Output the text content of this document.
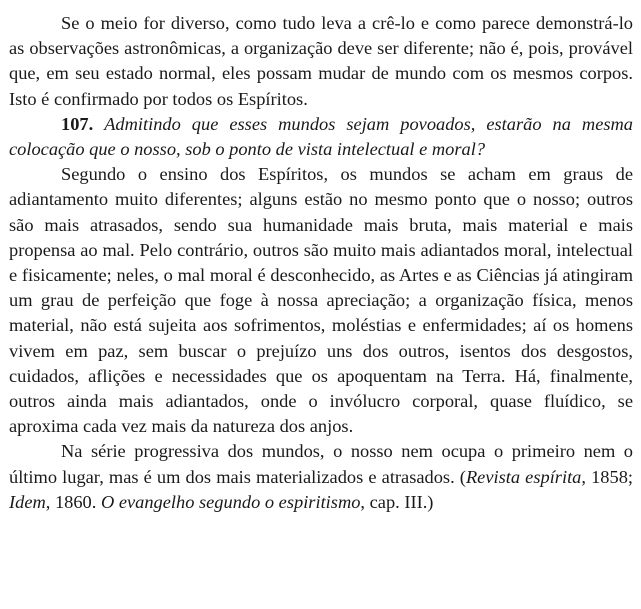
Se o meio for diverso, como tudo leva a crê-lo e como parece demonstrá-lo as observações astronômicas, a organização deve ser diferente; não é, pois, provável que, em seu estado normal, eles possam mudar de mundo com os mesmos corpos. Isto é confirmado por todos os Espíritos.

107. Admitindo que esses mundos sejam povoados, estarão na mesma colocação que o nosso, sob o ponto de vista intelectual e moral?

Segundo o ensino dos Espíritos, os mundos se acham em graus de adiantamento muito diferentes; alguns estão no mesmo ponto que o nosso; outros são mais atrasados, sendo sua humanidade mais bruta, mais material e mais propensa ao mal. Pelo contrário, outros são muito mais adiantados moral, intelectual e fisicamente; neles, o mal moral é desconhecido, as Artes e as Ciências já atingiram um grau de perfeição que foge à nossa apreciação; a organização física, menos material, não está sujeita aos sofrimentos, moléstias e enfermidades; aí os homens vivem em paz, sem buscar o prejuízo uns dos outros, isentos dos desgostos, cuidados, aflições e necessidades que os apoquentam na Terra. Há, finalmente, outros ainda mais adiantados, onde o invólucro corporal, quase fluídico, se aproxima cada vez mais da natureza dos anjos.

Na série progressiva dos mundos, o nosso nem ocupa o primeiro nem o último lugar, mas é um dos mais materializados e atrasados. (Revista espírita, 1858; Idem, 1860. O evangelho segundo o espiritismo, cap. III.)
